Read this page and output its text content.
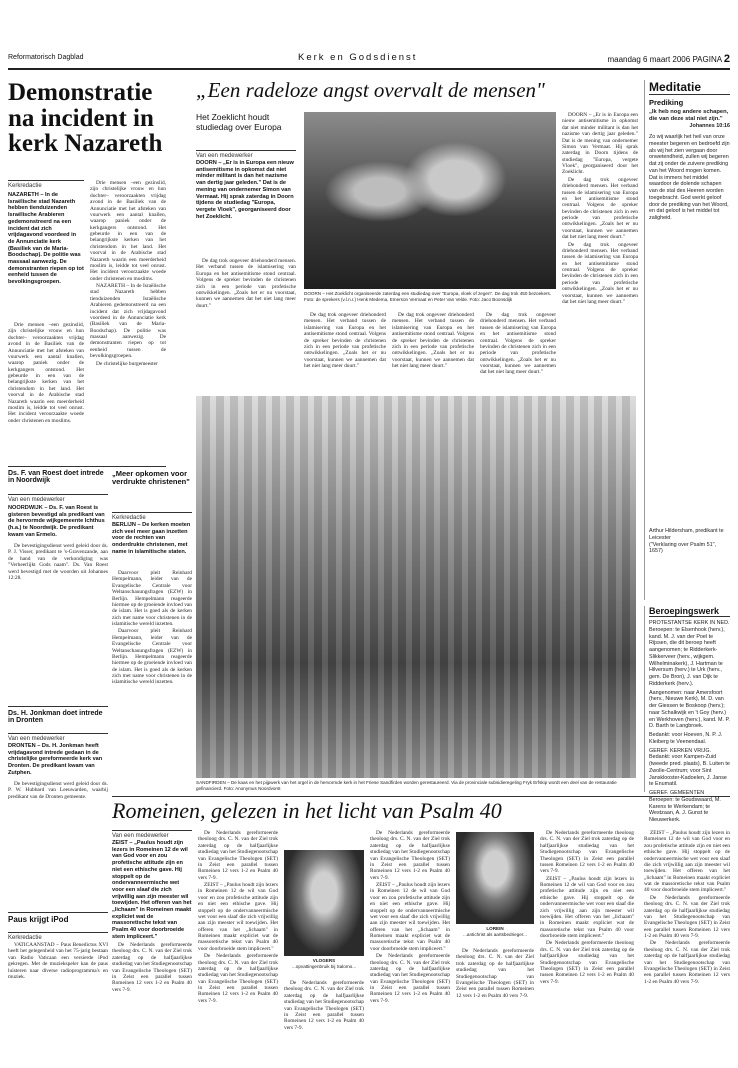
Reformatorisch Dagblad	Kerk en Godsdienst	maandag 6 maart 2006 PAGINA 2
Demonstratie na incident in kerk Nazareth
Kerkredactie
NAZARETH – In de Israëlische stad Nazareth hebben tienduizenden Israëlische Arabieren gedemonstreerd na een incident dat zich vrijdagavond voordeed in de Annunciatie kerk (Basiliek van de Maria-Boodschap). De politie was massaal aanwezig. De demonstranten riepen op tot eenheid tussen de bevolkingsgroepen.

Drie mensen –een gezinslid, zijn christelijke vrouw en hun dochter– veroorzaakten vrijdag avond in de Basiliek van de Annunciatie met het afsteken van vuurwerk een aantal knallen, waarop paniek onder de kerkgangers ontstond. Het gebeurde in een van de belangrijkste kerken van het christendom in het land. Het voorval in de Arabische stad Nazareth waarin een meerderheid moslim is, leidde tot veel onrust. Het incident veroorzaakte woede onder christenen en moslims.

Drie mensen –een gezinslid, zijn christelijke vrouw en hun dochter– veroorzaakten vrijdag avond in de Basiliek van de Annunciatie met het afsteken van vuurwerk een aantal knallen, waarop paniek onder de kerkgangers ontstond. Het gebeurde in een van de belangrijkste kerken van het christendom in het land. Het voorval in de Arabische stad Nazareth waarin een meerderheid moslim is, leidde tot veel onrust. Het incident veroorzaakte woede onder christenen en moslims.

NAZARETH – In de Israëlische stad Nazareth hebben tienduizenden Israëlische Arabieren gedemonstreerd na een incident dat zich vrijdagavond voordeed in de Annunciatie kerk (Basiliek van de Maria-Boodschap). De politie was massaal aanwezig. De demonstranten riepen op tot eenheid tussen de bevolkingsgroepen.

De christelijke burgemeester

Ds. F. van Roest doet intrede in Noordwijk
Van een medewerker
NOORDWIJK – Ds. F. van Roest is gisteren bevestigd als predikant van de hervormde wijkgemeente Ichthus (h.a.) te Noordwijk. De predikant kwam van Ermelo.

De bevestigingsdienst werd geleid door ds. P. J. Visser, predikant te 's-Gravenzande, aan de hand van de verkondiging was "Verheerlijkt Gods naam". Ds. Van Roest werd bevestigd met de woorden uit Johannes 12:28.

Ds. H. Jonkman doet intrede in Dronten
Van een medewerker
DRONTEN – Ds. H. Jonkman heeft vrijdagavond intrede gedaan in de christelijke gereformeerde kerk van Dronten. De predikant kwam van Zutphen.

De bevestigingsdienst werd geleid door ds. P. W. Hubbard van Leeuwarden, waarbij predikant van de Dronten gemeente.

Paus krijgt iPod
Kerkredactie

VATICAANSTAD – Paus Benedictus XVI heeft het gelegenheid van het 75-jarig bestaan van Radio Vaticaan een versierde iPod gekregen. Met de muziekspeler kan de paus luisteren naar diverse radioprogramma's en muziek.

„Een radeloze angst overvalt de mensen"
Het Zoeklicht houdt studiedag over Europa
Van een medewerker
DOORN – „Er is in Europa een nieuw antisemitisme in opkomst dat niet minder militant is dan het nazisme van dertig jaar geleden." Dat is de mening van ondernemer Simon van Vermaat. Hij sprak zaterdag in Doorn tijdens de studiedag "Europa, vergete Vloek", georganiseerd door het Zoeklicht.

De dag trok ongeveer driehonderd mensen. Het verband tussen de islamisering van Europa en het antisemitisme stond centraal. Volgens de spreker bevinden de christenen zich in een periode van profetische ontwikkelingen. „Zoals het er nu voorstaat, kunnen we aannemen dat het niet lang meer duurt."

DOORN – Het Zoeklicht organiseerde zaterdag een studiedag over "Europa, vloek of zegen". De dag trok 450 bezoekers. Foto: de sprekers (v.l.n.r.) Henk Medema, Emerson Vermaat en Peter Van Velde. Foto: Jaco Boonsdijk

De dag trok ongeveer driehonderd mensen. Het verband tussen de islamisering van Europa en het antisemitisme stond centraal. Volgens de spreker bevinden de christenen zich in een periode van profetische ontwikkelingen. „Zoals het er nu voorstaat, kunnen we aannemen dat het niet lang meer duurt."

De dag trok ongeveer driehonderd mensen. Het verband tussen de islamisering van Europa en het antisemitisme stond centraal. Volgens de spreker bevinden de christenen zich in een periode van profetische ontwikkelingen. „Zoals het er nu voorstaat, kunnen we aannemen dat het niet lang meer duurt."

De dag trok ongeveer driehonderd mensen. Het verband tussen de islamisering van Europa en het antisemitisme stond centraal. Volgens de spreker bevinden de christenen zich in een periode van profetische ontwikkelingen. „Zoals het er nu voorstaat, kunnen we aannemen dat het niet lang meer duurt."

DOORN – „Er is in Europa een nieuw antisemitisme in opkomst dat niet minder militant is dan het nazisme van dertig jaar geleden." Dat is de mening van ondernemer Simon van Vermaat. Hij sprak zaterdag in Doorn tijdens de studiedag "Europa, vergete Vloek", georganiseerd door het Zoeklicht.

De dag trok ongeveer driehonderd mensen. Het verband tussen de islamisering van Europa en het antisemitisme stond centraal. Volgens de spreker bevinden de christenen zich in een periode van profetische ontwikkelingen. „Zoals het er nu voorstaat, kunnen we aannemen dat het niet lang meer duurt."

De dag trok ongeveer driehonderd mensen. Het verband tussen de islamisering van Europa en het antisemitisme stond centraal. Volgens de spreker bevinden de christenen zich in een periode van profetische ontwikkelingen. „Zoals het er nu voorstaat, kunnen we aannemen dat het niet lang meer duurt."

SANDFIRDEN – De kaas en het pijpwerk van het orgel in de hervormde kerk in het Friese Sandfirden worden gerestaureerd. Via de provinciale subsidieregeling Fryk Erfskip wordt een deel van de restauratie gefinancierd. Foto: Anonymus Noordvorst
„Meer opkomen voor verdrukte christenen"
Kerkredactie
BERLIJN – De kerken moeten zich veel meer gaan inzetten voor de rechten van onderdrukte christenen, met name in islamitische staten.

Daarvoor pleit Reinhard Hempelmann, leider van de Evangelische Centrale voor Weltanschauungsfragen (EZW) in Berlijn. Hempelmann reageerde hiermee op de groeiende invloed van de islam. Het is goed als de kerken zich met name voor christenen in de islamitische wereld inzetten.

Daarvoor pleit Reinhard Hempelmann, leider van de Evangelische Centrale voor Weltanschauungsfragen (EZW) in Berlijn. Hempelmann reageerde hiermee op de groeiende invloed van de islam. Het is goed als de kerken zich met name voor christenen in de islamitische wereld inzetten.

Meditatie
Prediking
„Ik heb nog andere schapen, die van deze stal niet zijn."
Johannes 10:16
Zo wij waarlijk het heil van onze meester begeren en bedroefd zijn als wij het zien vergaan door onwetendheid, zullen wij begeren dat zij onder de zuivere prediking van het Woord mogen komen. Dat is immers het middel waardoor de dolende schapen van de stal des Heeren worden toegebracht. God werkt geloof door de prediking van het Woord, en dat geloof is het middel tot zaligheid.
Arthur Hildersham, predikant te Leicester
("Verklaring over Psalm 51", 1657)
Beroepingswerk
PROTESTANTSE KERK IN NED. Beroepen: te Elsenhook (herv.), kand. M. J. van der Poel te Rijssen, die dit beroep heeft aangenomen; te Ridderkerk-Slikkerveer (herv., wijkgem. Wilhelminakerk), J. Hartman te Hilversum (herv.) te Urk (herv., gem. De Bron), J. van Dijk te Ridderkerk (herv.).
Aangenomen: naar Amersfoort (herv., Nieuwe Kerk), M. D. van der Giessen te Boskoop (herv.); naar Schalkwijk en 't Goy (herv.) en Werkhoven (herv.), kand. M. P. D. Barth te Langbroek.
Bedankt: voor Hoeven, N. P. J. Kleiberg te Veenendaal.
GEREF. KERKEN VRIJG. Bedankt: voor Kampen-Zuid (tweede pred. plaats), B. Luiten te Zwolle-Centrum; voor Sint Jansklooster-Kadoelen, J. Janse te Enumatil.
GEREF. GEMEENTEN Beroepen: te Goudswaard, M. Karens te Werkendam; te Westzaan, A. J. Gunst te Nieuwerkerk.
Romeinen, gelezen in het licht van Psalm 40
Van een medewerker
ZEIST – „Paulus houdt zijn lezers in Romeinen 12 de wil van God voor en zou profetische attitude zijn en niet een ethische gave. Hij stoppelt op de ondervanneermische wet voor een slaaf die zich vrijwillig aan zijn meester wil toewijden. Het offeren van het „lichaam" in Romeinen maakt expliciet wat de massoretische tekst van Psalm 40 voor doorbroeide stem impliceert."

De Nederlands gereformeerde theoloog drs. C. N. van der Ziel trok zaterdag op de halfjaarlijkse studiedag van het Studiegenootschap van Evangelische Theologen (SET) in Zeist een parallel tussen Romeinen 12 vers 1-2 en Psalm 40 vers 7-9.

De Nederlands gereformeerde theoloog drs. C. N. van der Ziel trok zaterdag op de halfjaarlijkse studiedag van het Studiegenootschap van Evangelische Theologen (SET) in Zeist een parallel tussen Romeinen 12 vers 1-2 en Psalm 40 vers 7-9.

ZEIST – „Paulus houdt zijn lezers in Romeinen 12 de wil van God voor en zou profetische attitude zijn en niet een ethische gave. Hij stoppelt op de ondervanneermische wet voor een slaaf die zich vrijwillig aan zijn meester wil toewijden. Het offeren van het „lichaam" in Romeinen maakt expliciet wat de massoretische tekst van Psalm 40 voor doorbroeide stem impliceert."

De Nederlands gereformeerde theoloog drs. C. N. van der Ziel trok zaterdag op de halfjaarlijkse studiedag van het Studiegenootschap van Evangelische Theologen (SET) in Zeist een parallel tussen Romeinen 12 vers 1-2 en Psalm 40 vers 7-9.

VLOGERS
...opvattingenbruik bij Salomo...

De Nederlands gereformeerde theoloog drs. C. N. van der Ziel trok zaterdag op de halfjaarlijkse studiedag van het Studiegenootschap van Evangelische Theologen (SET) in Zeist een parallel tussen Romeinen 12 vers 1-2 en Psalm 40 vers 7-9.

De Nederlands gereformeerde theoloog drs. C. N. van der Ziel trok zaterdag op de halfjaarlijkse studiedag van het Studiegenootschap van Evangelische Theologen (SET) in Zeist een parallel tussen Romeinen 12 vers 1-2 en Psalm 40 vers 7-9.

ZEIST – „Paulus houdt zijn lezers in Romeinen 12 de wil van God voor en zou profetische attitude zijn en niet een ethische gave. Hij stoppelt op de ondervanneermische wet voor een slaaf die zich vrijwillig aan zijn meester wil toewijden. Het offeren van het „lichaam" in Romeinen maakt expliciet wat de massoretische tekst van Psalm 40 voor doorbroeide stem impliceert."

De Nederlands gereformeerde theoloog drs. C. N. van der Ziel trok zaterdag op de halfjaarlijkse studiedag van het Studiegenootschap van Evangelische Theologen (SET) in Zeist een parallel tussen Romeinen 12 vers 1-2 en Psalm 40 vers 7-9.

LOREIN
...antichrist als aartsbedrieger...

De Nederlands gereformeerde theoloog drs. C. N. van der Ziel trok zaterdag op de halfjaarlijkse studiedag van het Studiegenootschap van Evangelische Theologen (SET) in Zeist een parallel tussen Romeinen 12 vers 1-2 en Psalm 40 vers 7-9.

De Nederlands gereformeerde theoloog drs. C. N. van der Ziel trok zaterdag op de halfjaarlijkse studiedag van het Studiegenootschap van Evangelische Theologen (SET) in Zeist een parallel tussen Romeinen 12 vers 1-2 en Psalm 40 vers 7-9.

ZEIST – „Paulus houdt zijn lezers in Romeinen 12 de wil van God voor en zou profetische attitude zijn en niet een ethische gave. Hij stoppelt op de ondervanneermische wet voor een slaaf die zich vrijwillig aan zijn meester wil toewijden. Het offeren van het „lichaam" in Romeinen maakt expliciet wat de massoretische tekst van Psalm 40 voor doorbroeide stem impliceert."

De Nederlands gereformeerde theoloog drs. C. N. van der Ziel trok zaterdag op de halfjaarlijkse studiedag van het Studiegenootschap van Evangelische Theologen (SET) in Zeist een parallel tussen Romeinen 12 vers 1-2 en Psalm 40 vers 7-9.

ZEIST – „Paulus houdt zijn lezers in Romeinen 12 de wil van God voor en zou profetische attitude zijn en niet een ethische gave. Hij stoppelt op de ondervanneermische wet voor een slaaf die zich vrijwillig aan zijn meester wil toewijden. Het offeren van het „lichaam" in Romeinen maakt expliciet wat de massoretische tekst van Psalm 40 voor doorbroeide stem impliceert."

De Nederlands gereformeerde theoloog drs. C. N. van der Ziel trok zaterdag op de halfjaarlijkse studiedag van het Studiegenootschap van Evangelische Theologen (SET) in Zeist een parallel tussen Romeinen 12 vers 1-2 en Psalm 40 vers 7-9.

De Nederlands gereformeerde theoloog drs. C. N. van der Ziel trok zaterdag op de halfjaarlijkse studiedag van het Studiegenootschap van Evangelische Theologen (SET) in Zeist een parallel tussen Romeinen 12 vers 1-2 en Psalm 40 vers 7-9.
